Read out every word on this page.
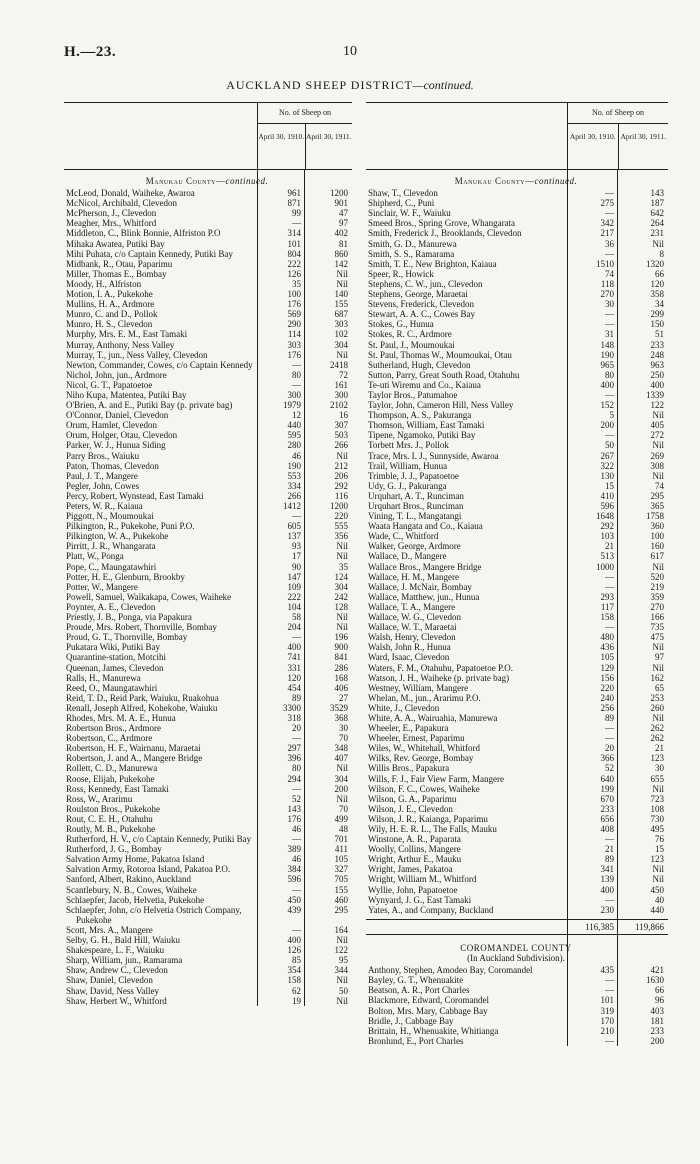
H.—23.	10
AUCKLAND SHEEP DISTRICT—continued.
No. of Sheep on
April 30, 1910. April 30, 1911.
Manukau County—continued.
McLeod, Donald, Waiheke, Awaroa	961	1200
McNicol, Archibald, Clevedon	871	901
McPherson, J., Clevedon	99	47
Meagher, Mrs., Whitford	—	97
Middleton, C., Blink Bonnie, Alfriston P.O	314	402
Mihaka Awatea, Putiki Bay	101	81
Mihi Puhata, c/o Captain Kennedy, Putiki Bay	804	860
Midbank, R., Otau, Paparimu	222	142
Miller, Thomas E., Bombay	126	Nil
Moody, H., Alfriston	35	Nil
Motion, I. A., Pukekohe	100	140
Mullins, H. A., Ardmore	176	155
Munro, C. and D., Pollok	569	687
Munro, H. S., Clevedon	290	303
Murphy, Mrs. E. M., East Tamaki	114	102
Murray, Anthony, Ness Valley	303	304
Murray, T., jun., Ness Valley, Clevedon	176	Nil
Newton, Commander, Cowes, c/o Captain Kennedy	—	2418
Nichol, John, jun., Ardmore	80	72
Nicol, G. T., Papatoetoe	—	161
Niho Kupa, Matentea, Putiki Bay	300	300
O'Brien, A. and E., Putiki Bay (p. private bag)	1979	2102
O'Connor, Daniel, Clevedon	12	16
Orum, Hamlet, Clevedon	440	307
Orum, Holger, Otau, Clevedon	595	503
Parker, W. J., Hunua Siding	280	266
Parry Bros., Waiuku	46	Nil
Paton, Thomas, Clevedon	190	212
Paul, J. T., Mangere	553	206
Pegler, John, Cowes	334	292
Percy, Robert, Wynstead, East Tamaki	266	116
Peters, W. R., Kaiaua	1412	1200
Piggott, N., Moumoukai	—	220
Pilkington, R., Pukekohe, Puni P.O.	605	555
Pilkington, W. A., Pukekohe	137	356
Pirritt, J. R., Whangarata	93	Nil
Platt, W., Ponga	17	Nil
Pope, C., Maungatawhiri	90	35
Potter, H. E., Glenburn, Brookby	147	124
Potter, W., Mangere	109	304
Powell, Samuel, Waikakapa, Cowes, Waiheke	222	242
Poynter, A. E., Clevedon	104	128
Priestly, J. B., Ponga, via Papakura	58	Nil
Proude, Mrs. Robert, Thornville, Bombay	204	Nil
Proud, G. T., Thornville, Bombay	—	196
Pukatara Wiki, Putiki Bay	400	900
Quarantine-station, Motcihi	741	841
Queenan, James, Clevedon	331	286
Ralls, H., Manurewa	120	168
Reed, O., Maungatawhiri	454	406
Reid, T. D., Reid Park, Waiuku, Ruakohua	89	27
Renall, Joseph Alfred, Kohekohe, Waiuku	3300	3529
Rhodes, Mrs. M. A. E., Hunua	318	368
Robertson Bros., Ardmore	20	30
Robertson, C., Ardmore	—	70
Robertson, H. F., Wairnanu, Maraetai	297	348
Robertson, J. and A., Mangere Bridge	396	407
Rollett, C. D., Manurewa	80	Nil
Roose, Elijah, Pukekohe	294	304
Ross, Kennedy, East Tamaki	—	200
Ross, W., Ararimu	52	Nil
Roulston Bros., Pukekohe	143	70
Rout, C. E. H., Otahuhu	176	499
Routly, M. B., Pukekohe	46	48
Rutherford, H. V., c/o Captain Kennedy, Putiki Bay	—	701
Rutherford, J. G., Bombay	389	411
Salvation Army Home, Pakatoa Island	46	105
Salvation Army, Rotoroa Island, Pakatoa P.O.	384	327
Sanford, Albert, Rakino, Auckland	596	705
Scantlebury, N. B., Cowes, Waiheke	—	155
Schlaepfer, Jacob, Helvetia, Pukekohe	450	460
Schlaepfer, John, c/o Helvetia Ostrich Company, Pukekohe
439	295
Scott, Mrs. A., Mangere	—	164
Selby, G. H., Bald Hill, Waiuku	400	Nil
Shakespeare, L. F., Waiuku	126	122
Sharp, William, jun., Ramarama	85	95
Shaw, Andrew C., Clevedon	354	344
Shaw, Daniel, Clevedon	158	Nil
Shaw, David, Ness Valley	62	50
Shaw, Herbert W., Whitford	19	Nil
No. of Sheep on
April 30, 1910. April 30, 1911.
Manukau County—continued.
Shaw, T., Clevedon	—	143
Shipherd, C., Puni	275	187
Sinclair, W. F., Waiuku	—	642
Smeed Bros., Spring Grove, Whangarata	342	264
Smith, Frederick J., Brooklands, Clevedon	217	231
Smith, G. D., Manurewa	36	Nil
Smith, S. S., Ramarama	—	8
Smith, T. E., New Brighton, Kaiaua	1510	1320
Speer, R., Howick	74	66
Stephens, C. W., jun., Clevedon	118	120
Stephens, George, Maraetai	270	358
Stevens, Frederick, Clevedon	30	34
Stewart, A. A. C., Cowes Bay	—	299
Stokes, G., Hunua	—	150
Stokes, R. C., Ardmore	31	51
St. Paul, J., Moumoukai	148	233
St. Paul, Thomas W., Moumoukai, Otau	190	248
Sutherland, Hugh, Clevedon	965	963
Sutton, Parry, Great South Road, Otahuhu	80	250
Te-uti Wiremu and Co., Kaiaua	400	400
Taylor Bros., Patumahoe	—	1339
Taylor, John, Cameron Hill, Ness Valley	152	122
Thompson, A. S., Pakuranga	5	Nil
Thomson, William, East Tamaki	200	405
Tipene, Ngamoko, Putiki Bay	—	272
Torbett Mrs. J., Pollok	50	Nil
Trace, Mrs. I. J., Sunnyside, Awaroa	267	269
Trail, William, Hunua	322	308
Trimble, J. J., Papatoetoe	130	Nil
Udy, G. J., Pakuranga	15	74
Urquhart, A. T., Runciman	410	295
Urquhart Bros., Runciman	596	365
Vining, T. L., Mangatangi	1648	1758
Waata Hangata and Co., Kaiaua	292	360
Wade, C., Whitford	103	100
Walker, George, Ardmore	21	160
Wallace, D., Mangere	513	617
Wallace Bros., Mangere Bridge	1000	Nil
Wallace, H. M., Mangere	—	520
Wallace, J. McNair, Bombay	—	219
Wallace, Matthew, jun., Hunua	293	359
Wallace, T. A., Mangere	117	270
Wallace, W. G., Clevedon	158	166
Wallace, W. T., Maraetai	—	735
Walsh, Henry, Clevedon	480	475
Walsh, John R., Hunua	436	Nil
Ward, Isaac, Clevedon	105	97
Waters, F. M., Otahuhu, Papatoetoe P.O.	129	Nil
Watson, J. H., Waiheke (p. private bag)	156	162
Westney, William, Mangere	220	65
Whelan, M., jun., Ararimu P.O.	240	253
White, J., Clevedon	256	260
White, A. A., Wairuahia, Manurewa	89	Nil
Wheeler, E., Papakura	—	262
Wheeler, Ernest, Paparimu	—	262
Wiles, W., Whitehall, Whitford	20	21
Wilks, Rev. George, Bombay	366	123
Willis Bros., Papakura	52	30
Wills, F. J., Fair View Farm, Mangere	640	655
Wilson, F. C., Cowes, Waiheke	199	Nil
Wilson, G. A., Paparimu	670	723
Wilson, J. E., Clevedon	233	108
Wilson, J. R., Kaianga, Paparimu	656	730
Wily, H. E. R. L., The Falls, Mauku	408	495
Winstone, A. R., Paparata	—	76
Woolly, Collins, Mangere	21	15
Wright, Arthur E., Mauku	89	123
Wright, James, Pakatoa	341	Nil
Wright, William M., Whitford	139	Nil
Wyllie, John, Papatoetoe	400	450
Wynyard, J. G., East Tamaki	—	40
Yates, A., and Company, Buckland	230	440
116,385	119,866
COROMANDEL COUNTY
(In Auckland Subdivision).
Anthony, Stephen, Amodeo Bay, Coromandel	435	421
Bayley, G. T., Whenuakite	—	1630
Beatson, A. R., Port Charles	—	66
Blackmore, Edward, Coromandel	101	96
Bolton, Mrs. Mary, Cabbage Bay	319	403
Bridle, J., Cabbage Bay	170	181
Brittain, H., Whenuakite, Whitianga	210	233
Bronlund, E., Port Charles	—	200
